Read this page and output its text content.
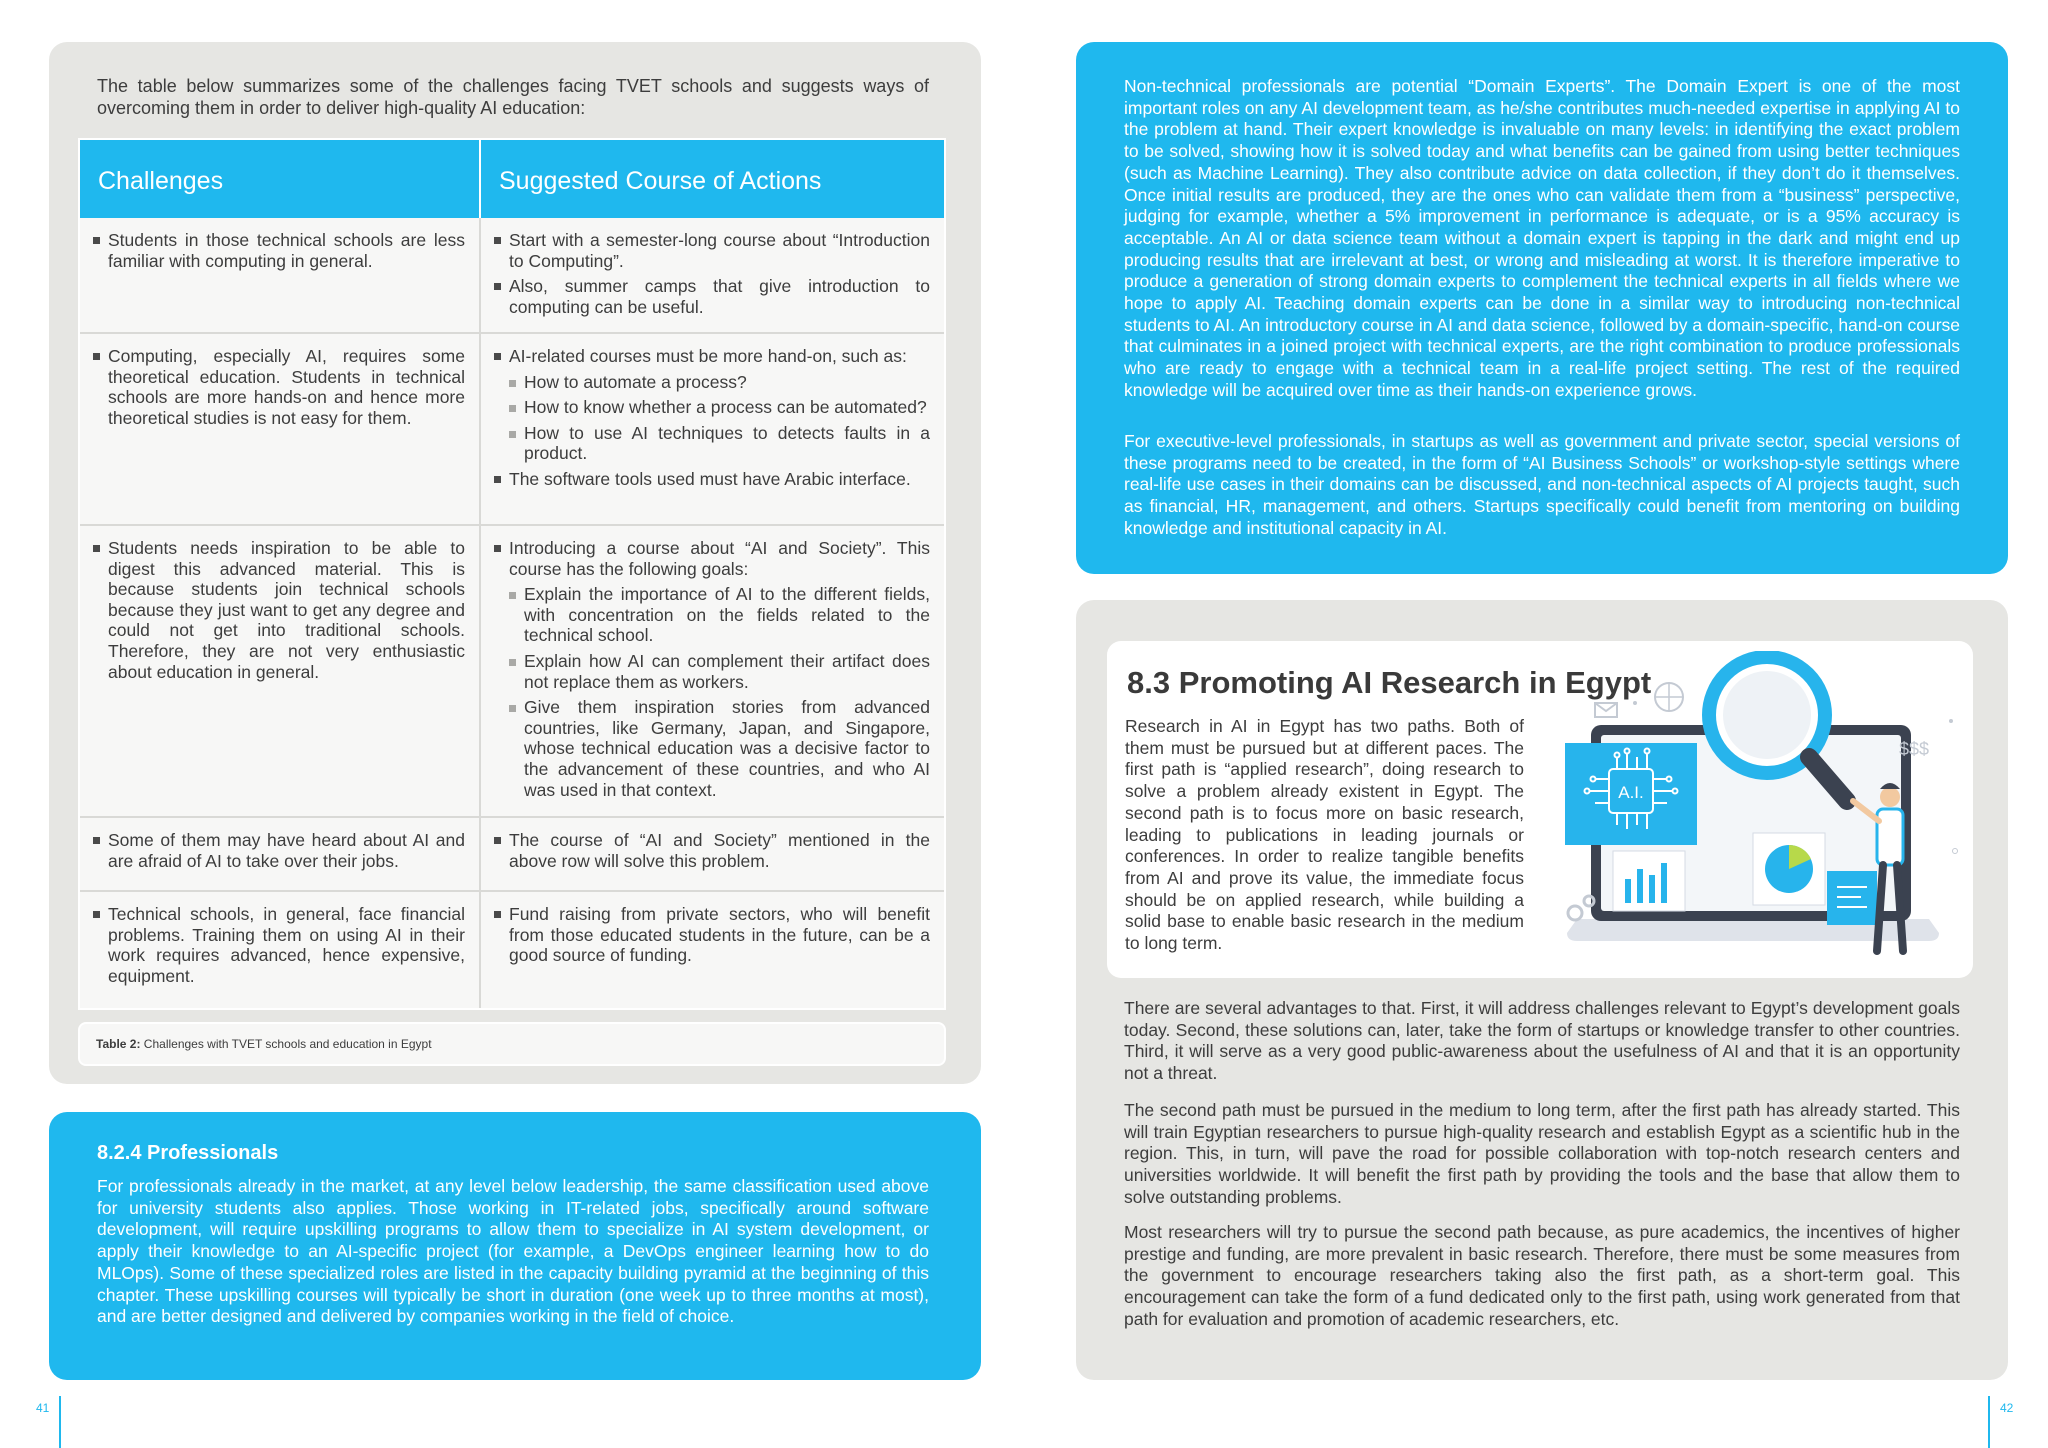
The table below summarizes some of the challenges facing TVET schools and suggests ways of overcoming them in order to deliver high-quality AI education:

Challenges	Suggested Course of Actions

Students in those technical schools are less familiar with computing in general.

Start with a semester-long course about “Introduction to Computing”.

Also, summer camps that give introduction to computing can be useful.

Computing, especially AI, requires some theoretical education. Students in technical schools are more hands-on and hence more theoretical studies is not easy for them.

AI-related courses must be more hand-on, such as:

How to automate a process?

How to know whether a process can be automated?

How to use AI techniques to detects faults in a product.

The software tools used must have Arabic interface.

Students needs inspiration to be able to digest this advanced material. This is because students join technical schools because they just want to get any degree and could not get into traditional schools. Therefore, they are not very enthusiastic about education in general.

Introducing a course about “AI and Society”. This course has the following goals:

Explain the importance of AI to the different fields, with concentration on the fields related to the technical school.

Explain how AI can complement their artifact does not replace them as workers.

Give them inspiration stories from advanced countries, like Germany, Japan, and Singapore, whose technical education was a decisive factor to the advancement of these countries, and who AI was used in that context.

Some of them may have heard about AI and are afraid of AI to take over their jobs.

The course of “AI and Society” mentioned in the above row will solve this problem.

Technical schools, in general, face financial problems. Training them on using AI in their work requires advanced, hence expensive, equipment.

Fund raising from private sectors, who will benefit from those educated students in the future, can be a good source of funding.

Table 2: Challenges with TVET schools and education in Egypt
8.2.4 Professionals

For professionals already in the market, at any level below leadership, the same classification used above for university students also applies. Those working in IT-related jobs, specifically around software development, will require upskilling programs to allow them to specialize in AI system development, or apply their knowledge to an AI-specific project (for example, a DevOps engineer learning how to do MLOps). Some of these specialized roles are listed in the capacity building pyramid at the beginning of this chapter. These upskilling courses will typically be short in duration (one week up to three months at most), and are better designed and delivered by companies working in the field of choice.

41

Non-technical professionals are potential “Domain Experts”. The Domain Expert is one of the most important roles on any AI development team, as he/she contributes much-needed expertise in applying AI to the problem at hand. Their expert knowledge is invaluable on many levels: in identifying the exact problem to be solved, showing how it is solved today and what benefits can be gained from using better techniques (such as Machine Learning). They also contribute advice on data collection, if they don’t do it themselves. Once initial results are produced, they are the ones who can validate them from a “business” perspective, judging for example, whether a 5% improvement in performance is adequate, or is a 95% accuracy is acceptable. An AI or data science team without a domain expert is tapping in the dark and might end up producing results that are irrelevant at best, or wrong and misleading at worst. It is therefore imperative to produce a generation of strong domain experts to complement the technical experts in all fields where we hope to apply AI. Teaching domain experts can be done in a similar way to introducing non-technical students to AI. An introductory course in AI and data science, followed by a domain-specific, hand-on course that culminates in a joined project with technical experts, are the right combination to produce professionals who are ready to engage with a technical team in a real-life project setting. The rest of the required knowledge will be acquired over time as their hands-on experience grows.

For executive-level professionals, in startups as well as government and private sector, special versions of these programs need to be created, in the form of “AI Business Schools” or workshop-style settings where real-life use cases in their domains can be discussed, and non-technical aspects of AI projects taught, such as financial, HR, management, and others. Startups specifically could benefit from mentoring on building knowledge and institutional capacity in AI.

8.3 Promoting AI Research in Egypt

Research in AI in Egypt has two paths. Both of them must be pursued but at different paces. The first path is “applied research”, doing research to solve a problem already existent in Egypt. The second path is to focus more on basic research, leading to publications in leading journals or conferences. In order to realize tangible benefits from AI and prove its value, the immediate focus should be on applied research, while building a solid base to enable basic research in the medium to long term.

A.I.
$$$

There are several advantages to that. First, it will address challenges relevant to Egypt’s development goals today. Second, these solutions can, later, take the form of startups or knowledge transfer to other countries. Third, it will serve as a very good public-awareness about the usefulness of AI and that it is an opportunity not a threat.

The second path must be pursued in the medium to long term, after the first path has already started. This will train Egyptian researchers to pursue high-quality research and establish Egypt as a scientific hub in the region. This, in turn, will pave the road for possible collaboration with top-notch research centers and universities worldwide. It will benefit the first path by providing the tools and the base that allow them to solve outstanding problems.

Most researchers will try to pursue the second path because, as pure academics, the incentives of higher prestige and funding, are more prevalent in basic research. Therefore, there must be some measures from the government to encourage researchers taking also the first path, as a short-term goal. This encouragement can take the form of a fund dedicated only to the first path, using work generated from that path for evaluation and promotion of academic researchers, etc.

42
